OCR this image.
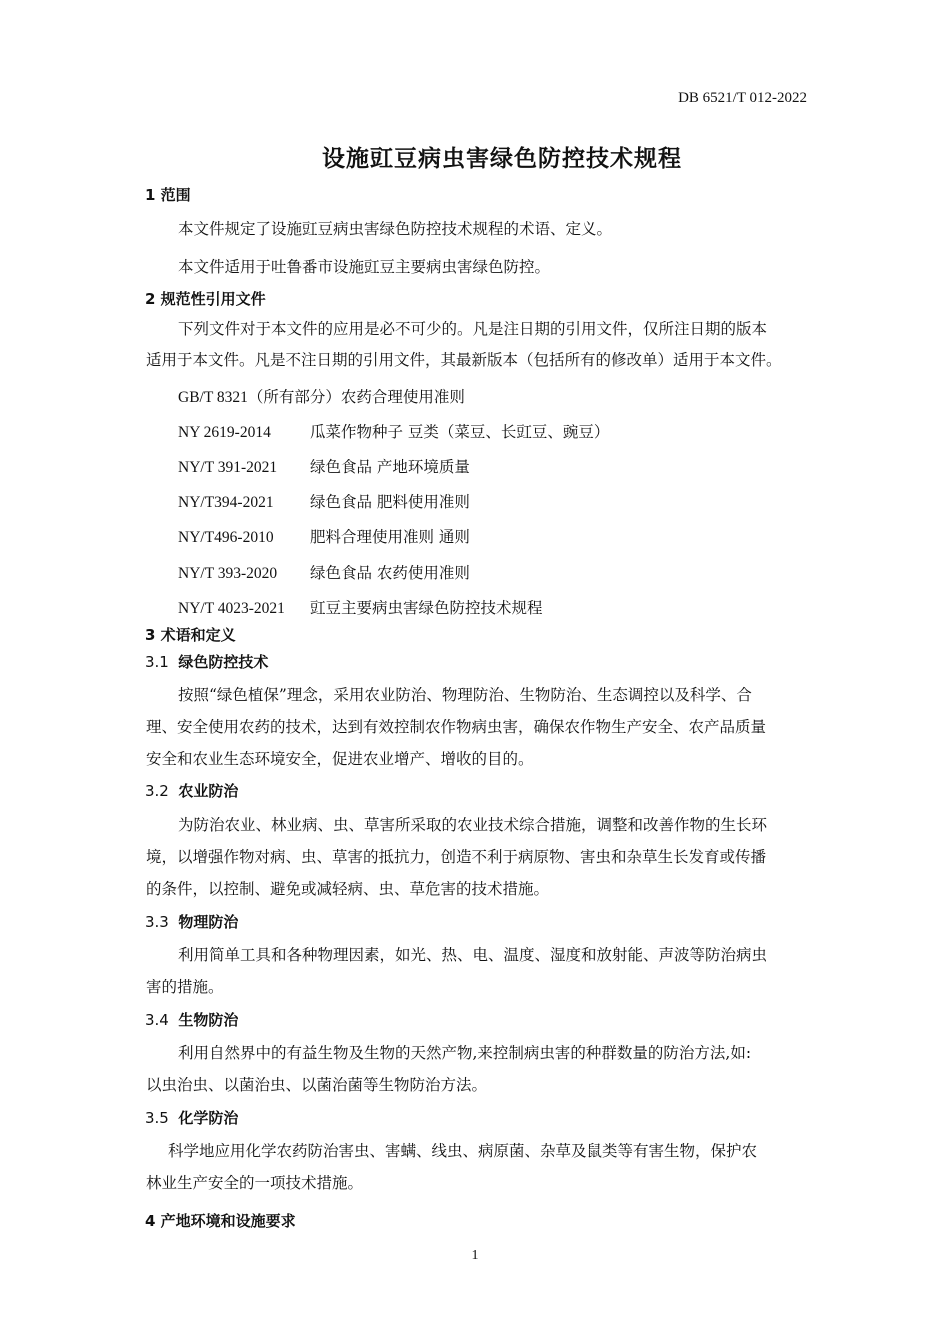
DB 6521/T 012-2022
设施豇豆病虫害绿色防控技术规程
1 范围
本文件规定了设施豇豆病虫害绿色防控技术规程的术语、定义。
本文件适用于吐鲁番市设施豇豆主要病虫害绿色防控。
2 规范性引用文件
下列文件对于本文件的应用是必不可少的。凡是注日期的引用文件，仅所注日期的版本
适用于本文件。凡是不注日期的引用文件，其最新版本（包括所有的修改单）适用于本文件。
GB/T 8321（所有部分）农药合理使用准则
NY 2619-2014	瓜菜作物种子 豆类（菜豆、长豇豆、豌豆）
NY/T 391-2021 绿色食品 产地环境质量
NY/T394-2021 绿色食品 肥料使用准则
NY/T496-2010 肥料合理使用准则 通则
NY/T 393-2020 绿色食品 农药使用准则
NY/T 4023-2021 豇豆主要病虫害绿色防控技术规程
3 术语和定义
3.1 绿色防控技术
按照“绿色植保”理念，采用农业防治、物理防治、生物防治、生态调控以及科学、合
理、安全使用农药的技术，达到有效控制农作物病虫害，确保农作物生产安全、农产品质量
安全和农业生态环境安全，促进农业增产、增收的目的。
3.2 农业防治
为防治农业、林业病、虫、草害所采取的农业技术综合措施，调整和改善作物的生长环
境，以增强作物对病、虫、草害的抵抗力，创造不利于病原物、害虫和杂草生长发育或传播
的条件，以控制、避免或减轻病、虫、草危害的技术措施。
3.3 物理防治
利用简单工具和各种物理因素，如光、热、电、温度、湿度和放射能、声波等防治病虫
害的措施。
3.4 生物防治
利用自然界中的有益生物及生物的天然产物,来控制病虫害的种群数量的防治方法,如:
以虫治虫、以菌治虫、以菌治菌等生物防治方法。
3.5 化学防治
科学地应用化学农药防治害虫、害螨、线虫、病原菌、杂草及鼠类等有害生物，保护农
林业生产安全的一项技术措施。
4 产地环境和设施要求
1
